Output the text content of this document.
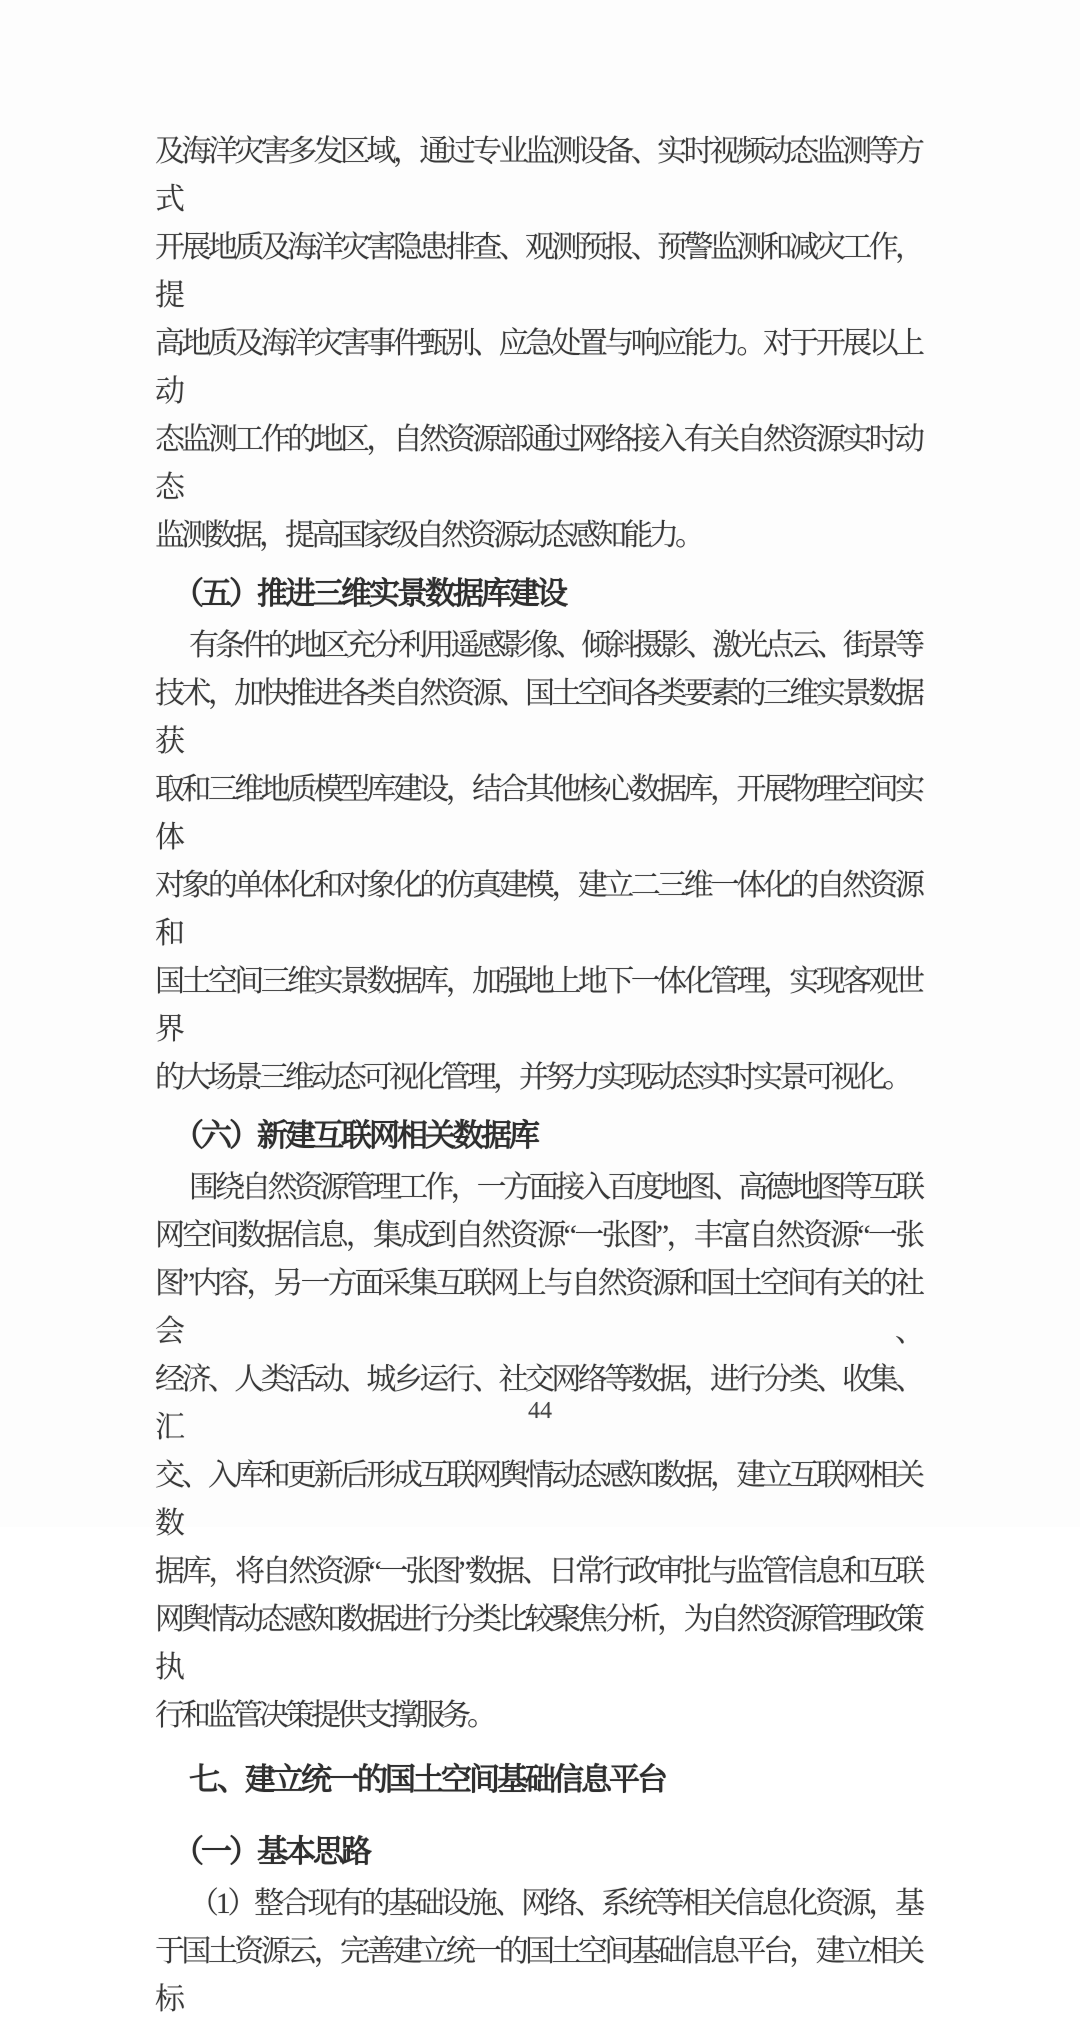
及海洋灾害多发区域，通过专业监测设备、实时视频动态监测等方式
开展地质及海洋灾害隐患排查、观测预报、预警监测和减灾工作，提
高地质及海洋灾害事件甄别、应急处置与响应能力。对于开展以上动
态监测工作的地区，自然资源部通过网络接入有关自然资源实时动态
监测数据，提高国家级自然资源动态感知能力。
（五）推进三维实景数据库建设
有条件的地区充分利用遥感影像、倾斜摄影、激光点云、街景等
技术，加快推进各类自然资源、国土空间各类要素的三维实景数据获
取和三维地质模型库建设，结合其他核心数据库，开展物理空间实体
对象的单体化和对象化的仿真建模，建立二三维一体化的自然资源和
国土空间三维实景数据库，加强地上地下一体化管理，实现客观世界
的大场景三维动态可视化管理，并努力实现动态实时实景可视化。
（六）新建互联网相关数据库
围绕自然资源管理工作，一方面接入百度地图、高德地图等互联
网空间数据信息，集成到自然资源“一张图”，丰富自然资源“一张
图”内容，另一方面采集互联网上与自然资源和国土空间有关的社会、
经济、人类活动、城乡运行、社交网络等数据，进行分类、收集、汇
交、入库和更新后形成互联网舆情动态感知数据，建立互联网相关数
据库，将自然资源“一张图”数据、日常行政审批与监管信息和互联
网舆情动态感知数据进行分类比较聚焦分析，为自然资源管理政策执
行和监管决策提供支撑服务。
七、建立统一的国土空间基础信息平台
（一）基本思路
（1）整合现有的基础设施、网络、系统等相关信息化资源，基
于国土资源云，完善建立统一的国土空间基础信息平台，建立相关标
44
